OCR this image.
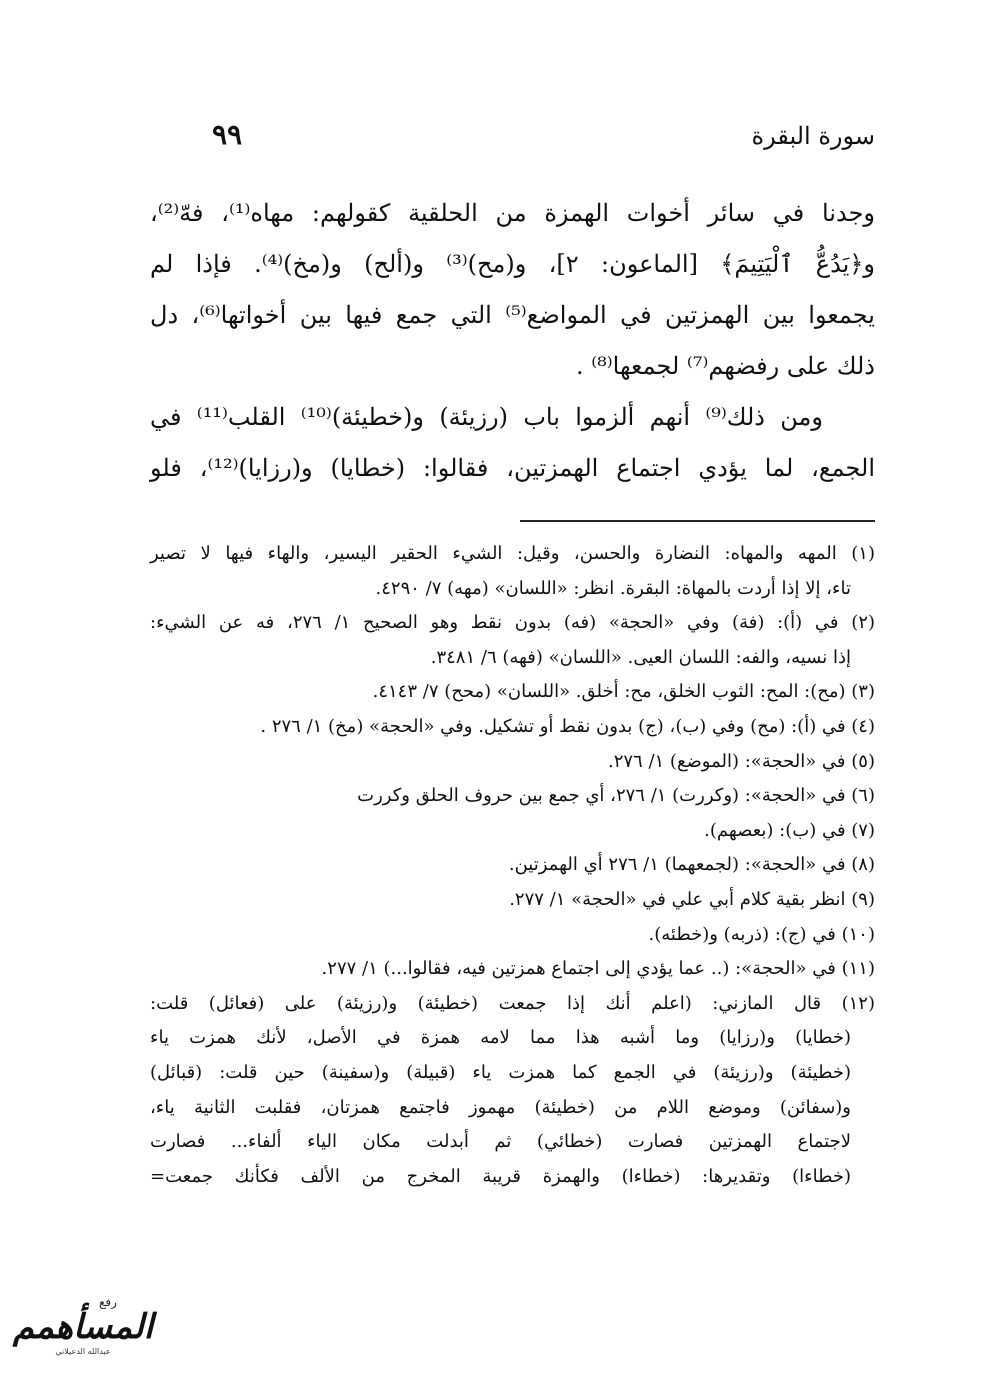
سورة البقرة
٩٩
وجدنا في سائر أخوات الهمزة من الحلقية كقولهم: مهاه⁽¹⁾، فهّ⁽²⁾،
و﴿يَدُعُّ ٱلْيَتِيمَ﴾ [الماعون: ٢]، و(مح)⁽³⁾ و(ألح) و(مخ)⁽⁴⁾. فإذا لم
يجمعوا بين الهمزتين في المواضع⁽⁵⁾ التي جمع فيها بين أخواتها⁽⁶⁾، دل
ذلك على رفضهم⁽⁷⁾ لجمعها⁽⁸⁾ .
ومن ذلك⁽⁹⁾ أنهم ألزموا باب (رزيئة) و(خطيئة)⁽¹⁰⁾ القلب⁽¹¹⁾ في
الجمع، لما يؤدي اجتماع الهمزتين، فقالوا: (خطايا) و(رزايا)⁽¹²⁾، فلو
(١) المهه والمهاه: النضارة والحسن، وقيل: الشيء الحقير اليسير، والهاء فيها لا تصير
تاء، إلا إذا أردت بالمهاة: البقرة. انظر: «اللسان» (مهه) ٧/ ٤٢٩٠.
(٢) في (أ): (فة) وفي «الحجة» (فه) بدون نقط وهو الصحيح ١/ ٢٧٦، فه عن الشيء:
إذا نسيه، والفه: اللسان العيى. «اللسان» (فهه) ٦/ ٣٤٨١.
(٣) (مح): المح: الثوب الخلق، مح: أخلق. «اللسان» (محح) ٧/ ٤١٤٣.
(٤) في (أ): (مح) وفي (ب)، (ج) بدون نقط أو تشكيل. وفي «الحجة» (مخ) ١/ ٢٧٦ .
(٥) في «الحجة»: (الموضع) ١/ ٢٧٦.
(٦) في «الحجة»: (وكررت) ١/ ٢٧٦، أي جمع بين حروف الحلق وكررت
(٧) في (ب): (بعصهم).
(٨) في «الحجة»: (لجمعهما) ١/ ٢٧٦ أي الهمزتين.
(٩) انظر بقية كلام أبي علي في «الحجة» ١/ ٢٧٧.
(١٠) في (ج): (ذربه) و(خطئه).
(١١) في «الحجة»: (.. عما يؤدي إلى اجتماع همزتين فيه، فقالوا...) ١/ ٢٧٧.
(١٢) قال المازني: (اعلم أنك إذا جمعت (خطيئة) و(رزيئة) على (فعائل) قلت:
(خطايا) و(رزايا) وما أشبه هذا مما لامه همزة في الأصل، لأنك همزت ياء
(خطيئة) و(رزيئة) في الجمع كما همزت ياء (قبيلة) و(سفينة) حين قلت: (قبائل)
و(سفائن) وموضع اللام من (خطيئة) مهموز فاجتمع همزتان، فقلبت الثانية ياء،
لاجتماع الهمزتين فصارت (خطائي) ثم أبدلت مكان الياء ألفاء... فصارت
(خطاءا) وتقديرها: (خطاءا) والهمزة قريبة المخرج من الألف فكأنك جمعت=
رفع
المسأهمم
عبدالله الدعيلاني
